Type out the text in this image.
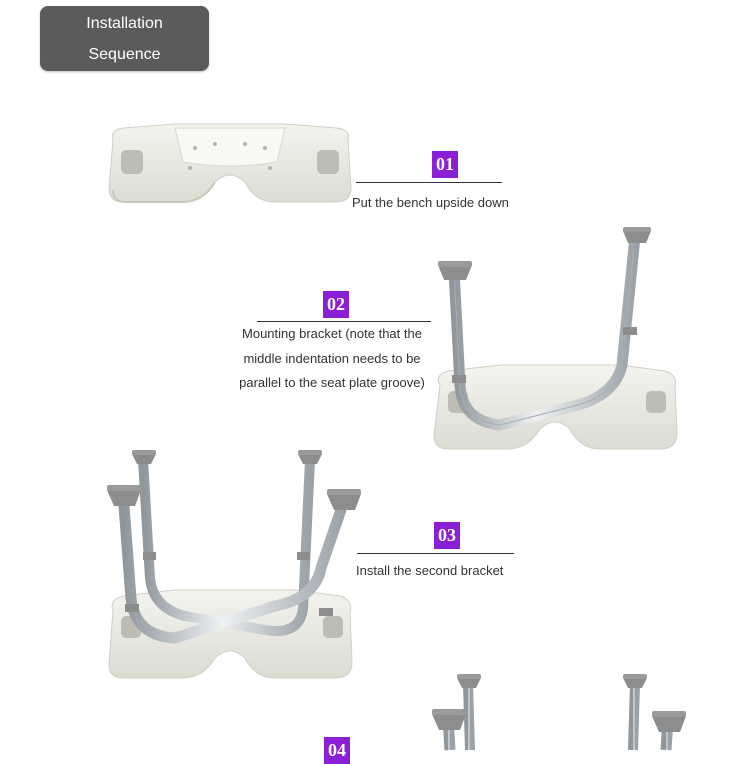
Installation
Sequence
01
Put the bench upside down
02
Mounting bracket (note that the
middle indentation needs to be
parallel to the seat plate groove)
03
Install the second bracket
04
